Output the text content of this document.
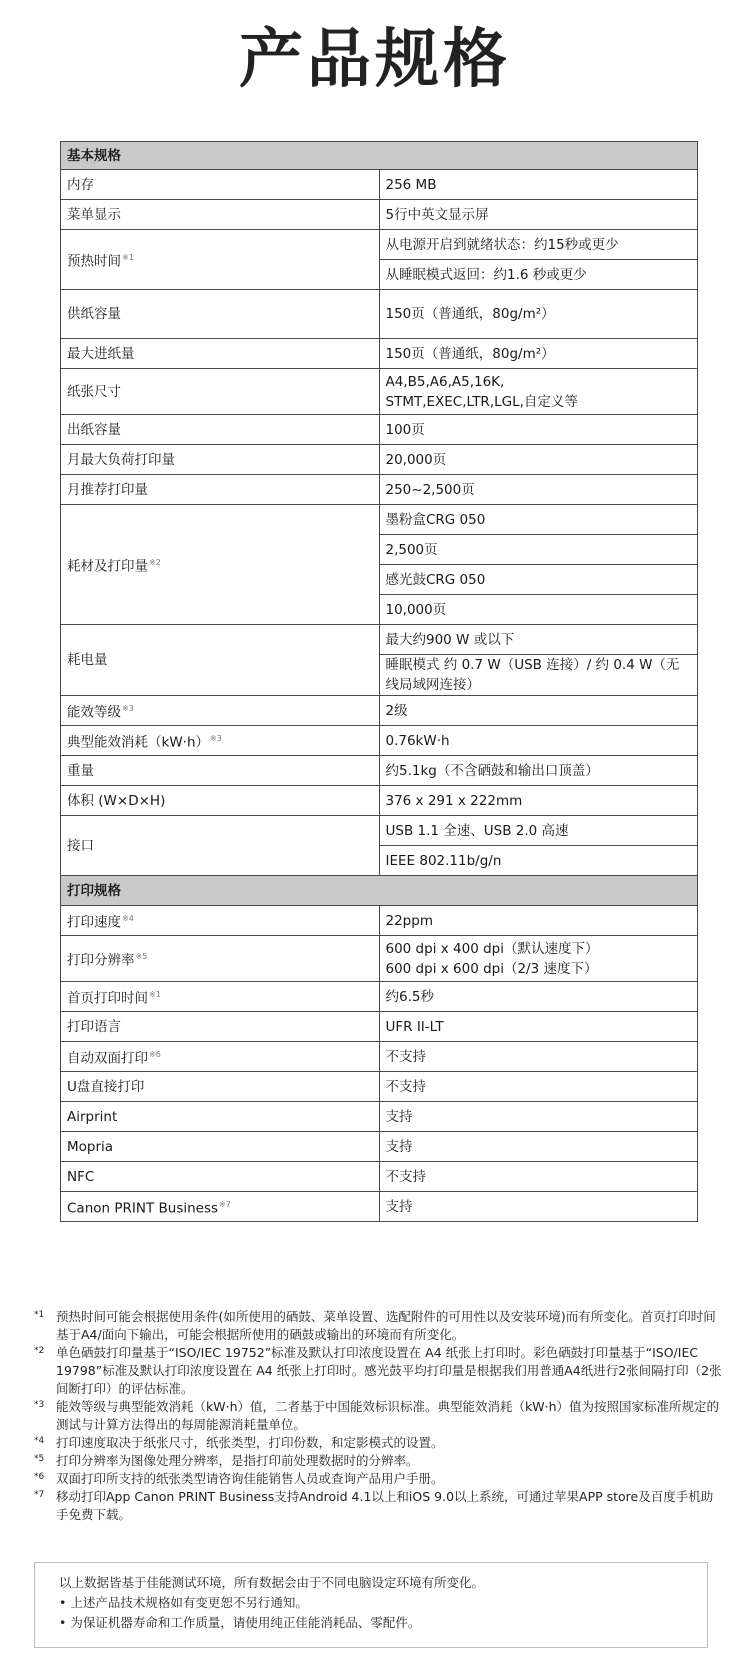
产品规格
基本规格	
内存	256 MB
菜单显示	5行中英文显示屏
预热时间$^{※1}$	从电源开启到就绪状态：约15秒或更少
	从睡眠模式返回：约1.6 秒或更少
供纸容量	150页（普通纸，80g/m²）
最大进纸量	150页（普通纸，80g/m²）
纸张尺寸	A4,B5,A6,A5,16K,
STMT,EXEC,LTR,LGL,自定义等
出纸容量	100页
月最大负荷打印量	20,000页
月推荐打印量	250~2,500页
耗材及打印量$^{※2}$	墨粉盒CRG 050
	2,500页
	感光鼓CRG 050
	10,000页
耗电量	最大约900 W 或以下
	睡眠模式 约 0.7 W（USB 连接）/ 约 0.4 W（无线局域网连接）
能效等级$^{※3}$	2级
典型能效消耗（kW·h）$^{※3}$	0.76kW·h
重量	约5.1kg（不含硒鼓和输出口顶盖）
体积 (W×D×H)	376 x 291 x 222mm
接口	USB 1.1 全速、USB 2.0 高速
	IEEE 802.11b/g/n
打印规格	
打印速度$^{※4}$	22ppm
打印分辨率$^{※5}$	600 dpi x 400 dpi（默认速度下）
600 dpi x 600 dpi（2/3 速度下）
首页打印时间$^{※1}$	约6.5秒
打印语言	UFR II-LT
自动双面打印$^{※6}$	不支持
U盘直接打印	不支持
Airprint	支持
Mopria	支持
NFC	不支持
Canon PRINT Business$^{※7}$	支持
*1 预热时间可能会根据使用条件(如所使用的硒鼓、菜单设置、选配附件的可用性以及安装环境)而有所变化。首页打印时间基于A4/面向下输出，可能会根据所使用的硒鼓或输出的环境而有所变化。
*2 单色硒鼓打印量基于“ISO/IEC 19752”标准及默认打印浓度设置在 A4 纸张上打印时。彩色硒鼓打印量基于“ISO/IEC 19798”标准及默认打印浓度设置在 A4 纸张上打印时。感光鼓平均打印量是根据我们用普通A4纸进行2张间隔打印（2张间断打印）的评估标准。
*3 能效等级与典型能效消耗（kW·h）值，二者基于中国能效标识标准。典型能效消耗（kW·h）值为按照国家标准所规定的测试与计算方法得出的每周能源消耗量单位。
*4 打印速度取决于纸张尺寸，纸张类型，打印份数，和定影模式的设置。
*5 打印分辨率为图像处理分辨率，是指打印前处理数据时的分辨率。
*6 双面打印所支持的纸张类型请咨询佳能销售人员或查询产品用户手册。
*7 移动打印App Canon PRINT Business支持Android 4.1以上和iOS 9.0以上系统，可通过苹果APP store及百度手机助手免费下载。
以上数据皆基于佳能测试环境，所有数据会由于不同电脑设定环境有所变化。
• 上述产品技术规格如有变更恕不另行通知。
• 为保证机器寿命和工作质量，请使用纯正佳能消耗品、零配件。
